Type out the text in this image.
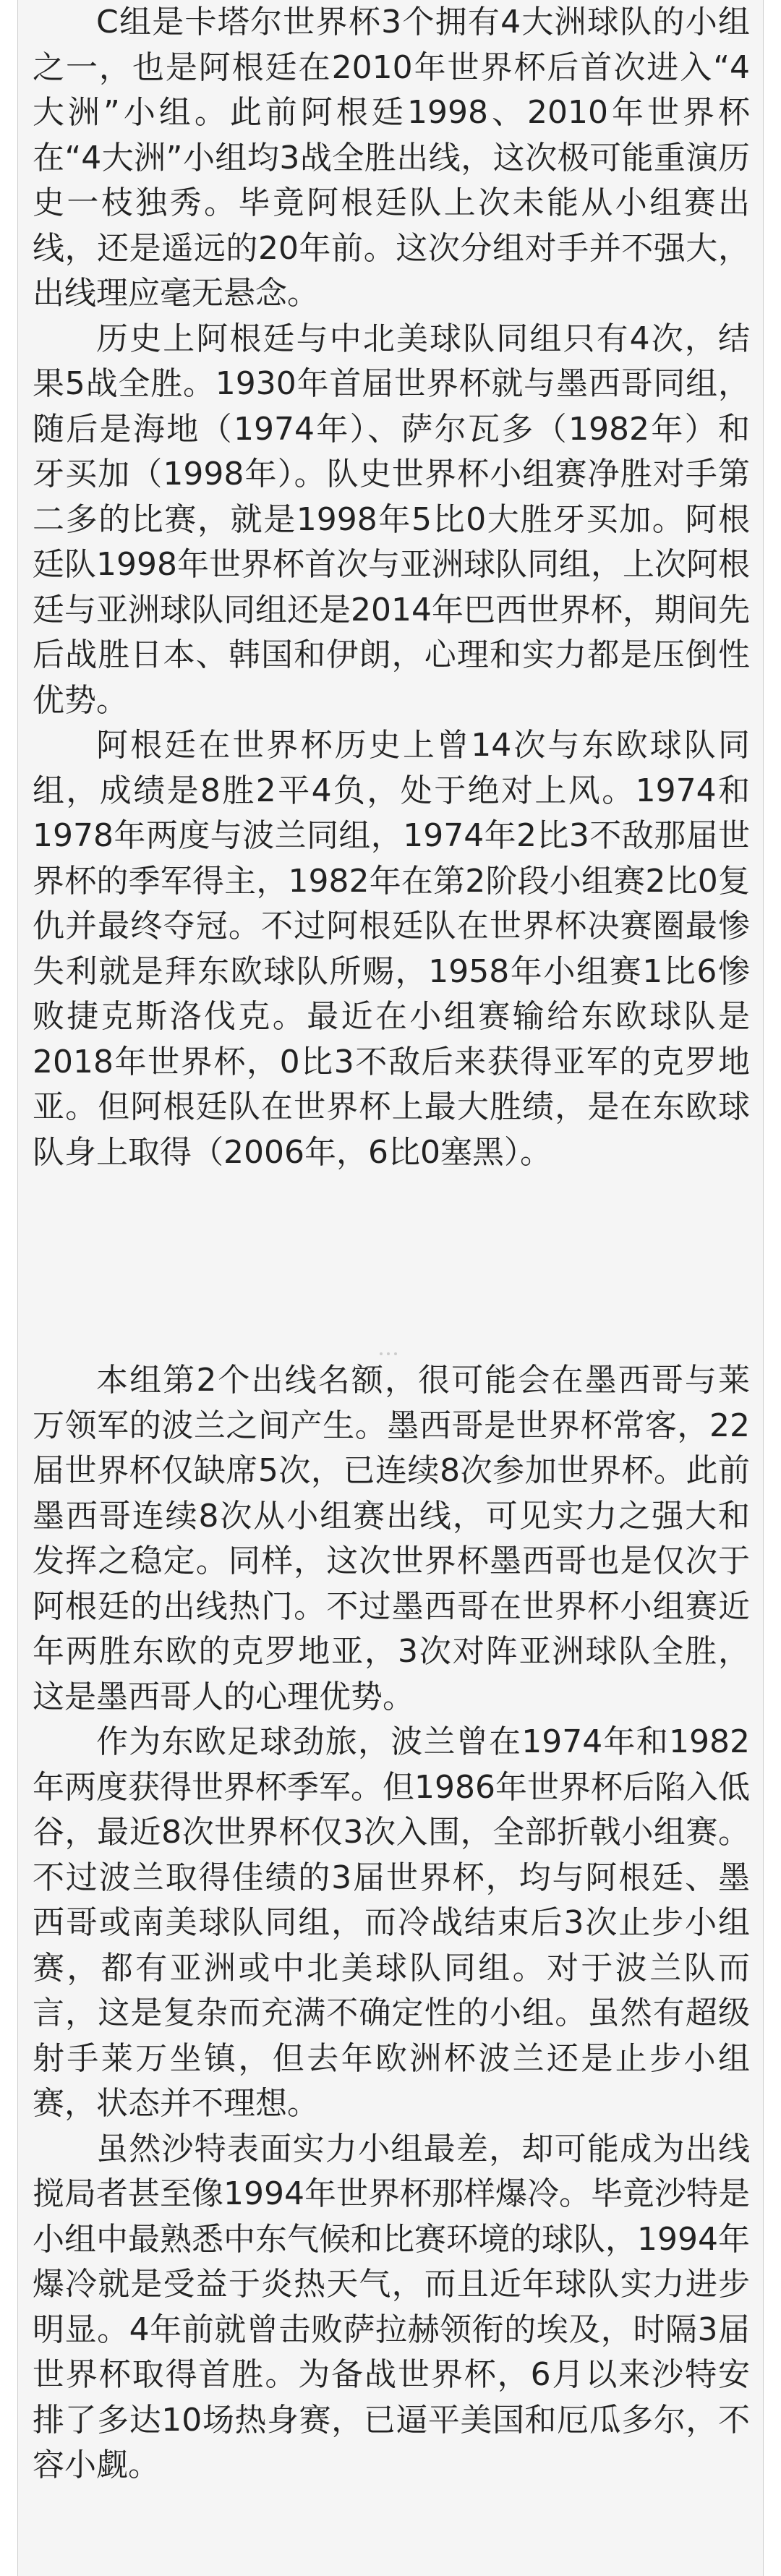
C组是卡塔尔世界杯3个拥有4大洲球队的小组之一，也是阿根廷在2010年世界杯后首次进入“4大洲”小组。此前阿根廷1998、2010年世界杯在“4大洲”小组均3战全胜出线，这次极可能重演历史一枝独秀。毕竟阿根廷队上次未能从小组赛出线，还是遥远的20年前。这次分组对手并不强大，出线理应毫无悬念。

历史上阿根廷与中北美球队同组只有4次，结果5战全胜。1930年首届世界杯就与墨西哥同组，随后是海地（1974年）、萨尔瓦多（1982年）和牙买加（1998年）。队史世界杯小组赛净胜对手第二多的比赛，就是1998年5比0大胜牙买加。阿根廷队1998年世界杯首次与亚洲球队同组，上次阿根廷与亚洲球队同组还是2014年巴西世界杯，期间先后战胜日本、韩国和伊朗，心理和实力都是压倒性优势。

阿根廷在世界杯历史上曾14次与东欧球队同组，成绩是8胜2平4负，处于绝对上风。1974和1978年两度与波兰同组，1974年2比3不敌那届世界杯的季军得主，1982年在第2阶段小组赛2比0复仇并最终夺冠。不过阿根廷队在世界杯决赛圈最惨失利就是拜东欧球队所赐，1958年小组赛1比6惨败捷克斯洛伐克。最近在小组赛输给东欧球队是2018年世界杯，0比3不敌后来获得亚军的克罗地亚。但阿根廷队在世界杯上最大胜绩，是在东欧球队身上取得（2006年，6比0塞黑）。

本组第2个出线名额，很可能会在墨西哥与莱万领军的波兰之间产生。墨西哥是世界杯常客，22届世界杯仅缺席5次，已连续8次参加世界杯。此前墨西哥连续8次从小组赛出线，可见实力之强大和发挥之稳定。同样，这次世界杯墨西哥也是仅次于阿根廷的出线热门。不过墨西哥在世界杯小组赛近年两胜东欧的克罗地亚，3次对阵亚洲球队全胜，这是墨西哥人的心理优势。

作为东欧足球劲旅，波兰曾在1974年和1982年两度获得世界杯季军。但1986年世界杯后陷入低谷，最近8次世界杯仅3次入围，全部折戟小组赛。不过波兰取得佳绩的3届世界杯，均与阿根廷、墨西哥或南美球队同组，而冷战结束后3次止步小组赛，都有亚洲或中北美球队同组。对于波兰队而言，这是复杂而充满不确定性的小组。虽然有超级射手莱万坐镇，但去年欧洲杯波兰还是止步小组赛，状态并不理想。

虽然沙特表面实力小组最差，却可能成为出线搅局者甚至像1994年世界杯那样爆冷。毕竟沙特是小组中最熟悉中东气候和比赛环境的球队，1994年爆冷就是受益于炎热天气，而且近年球队实力进步明显。4年前就曾击败萨拉赫领衔的埃及，时隔3届世界杯取得首胜。为备战世界杯，6月以来沙特安排了多达10场热身赛，已逼平美国和厄瓜多尔，不容小觑。
